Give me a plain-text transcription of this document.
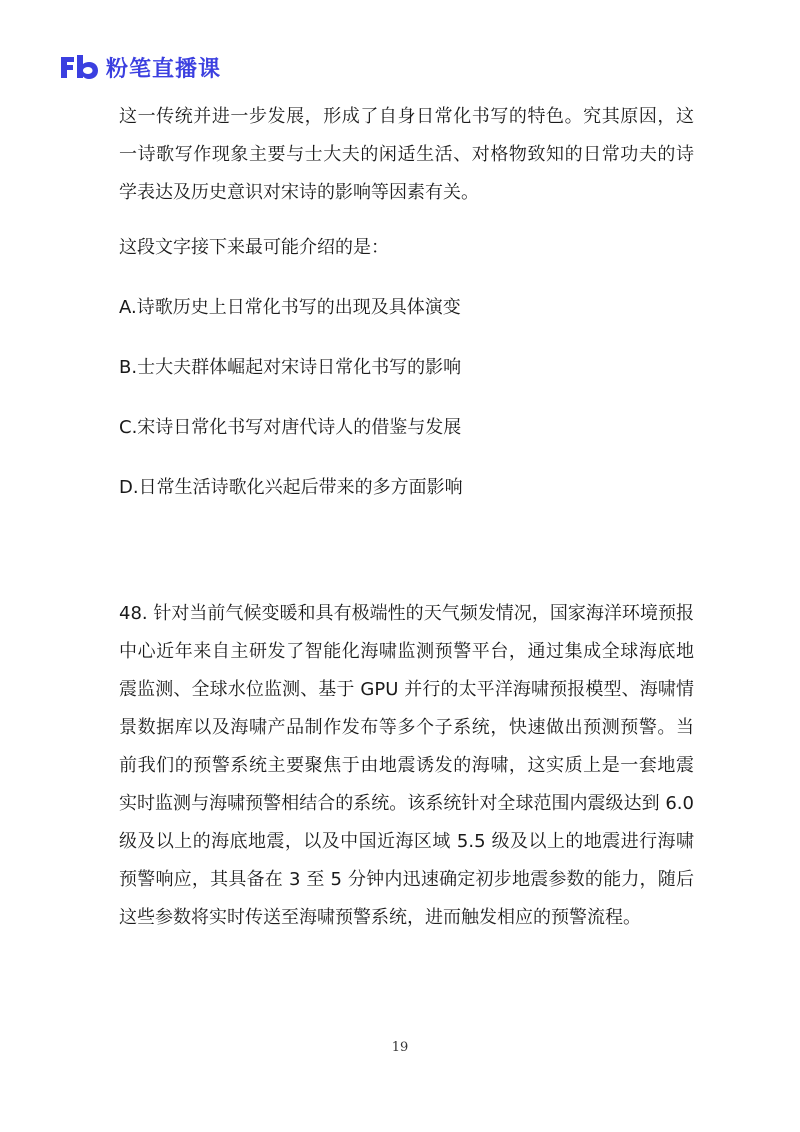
粉笔直播课

这一传统并进一步发展，形成了自身日常化书写的特色。究其原因，这一诗歌写作现象主要与士大夫的闲适生活、对格物致知的日常功夫的诗学表达及历史意识对宋诗的影响等因素有关。

这段文字接下来最可能介绍的是：

A.诗歌历史上日常化书写的出现及具体演变

B.士大夫群体崛起对宋诗日常化书写的影响

C.宋诗日常化书写对唐代诗人的借鉴与发展

D.日常生活诗歌化兴起后带来的多方面影响

48. 针对当前气候变暖和具有极端性的天气频发情况，国家海洋环境预报中心近年来自主研发了智能化海啸监测预警平台，通过集成全球海底地震监测、全球水位监测、基于 GPU 并行的太平洋海啸预报模型、海啸情景数据库以及海啸产品制作发布等多个子系统，快速做出预测预警。当前我们的预警系统主要聚焦于由地震诱发的海啸，这实质上是一套地震实时监测与海啸预警相结合的系统。该系统针对全球范围内震级达到 6.0 级及以上的海底地震，以及中国近海区域 5.5 级及以上的地震进行海啸预警响应，其具备在 3 至 5 分钟内迅速确定初步地震参数的能力，随后这些参数将实时传送至海啸预警系统，进而触发相应的预警流程。

19
